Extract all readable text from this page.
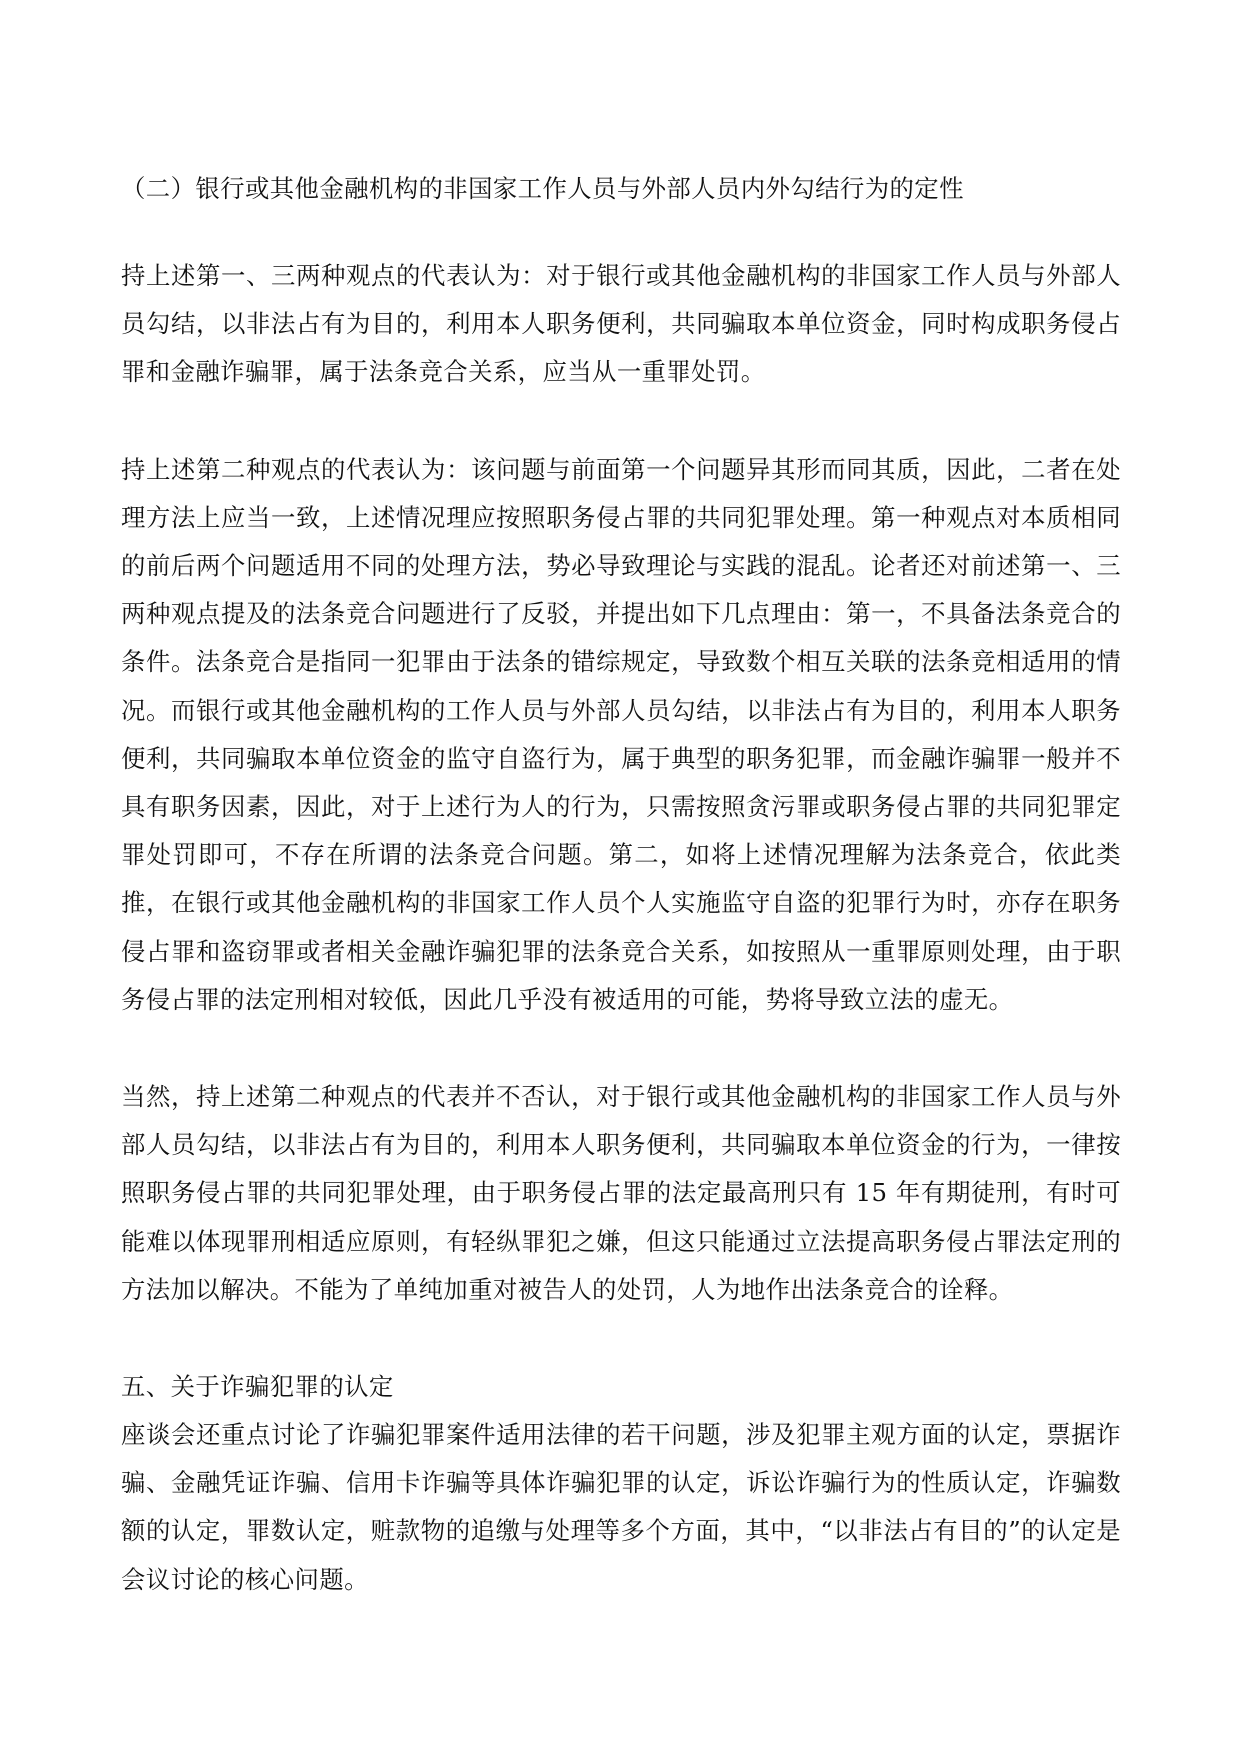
（二）银行或其他金融机构的非国家工作人员与外部人员内外勾结行为的定性

持上述第一、三两种观点的代表认为：对于银行或其他金融机构的非国家工作人员与外部人员勾结，以非法占有为目的，利用本人职务便利，共同骗取本单位资金，同时构成职务侵占罪和金融诈骗罪，属于法条竞合关系，应当从一重罪处罚。

持上述第二种观点的代表认为：该问题与前面第一个问题异其形而同其质，因此，二者在处理方法上应当一致，上述情况理应按照职务侵占罪的共同犯罪处理。第一种观点对本质相同的前后两个问题适用不同的处理方法，势必导致理论与实践的混乱。论者还对前述第一、三两种观点提及的法条竞合问题进行了反驳，并提出如下几点理由：第一，不具备法条竞合的条件。法条竞合是指同一犯罪由于法条的错综规定，导致数个相互关联的法条竞相适用的情况。而银行或其他金融机构的工作人员与外部人员勾结，以非法占有为目的，利用本人职务便利，共同骗取本单位资金的监守自盗行为，属于典型的职务犯罪，而金融诈骗罪一般并不具有职务因素，因此，对于上述行为人的行为，只需按照贪污罪或职务侵占罪的共同犯罪定罪处罚即可，不存在所谓的法条竞合问题。第二，如将上述情况理解为法条竞合，依此类推，在银行或其他金融机构的非国家工作人员个人实施监守自盗的犯罪行为时，亦存在职务侵占罪和盗窃罪或者相关金融诈骗犯罪的法条竞合关系，如按照从一重罪原则处理，由于职务侵占罪的法定刑相对较低，因此几乎没有被适用的可能，势将导致立法的虚无。

当然，持上述第二种观点的代表并不否认，对于银行或其他金融机构的非国家工作人员与外部人员勾结，以非法占有为目的，利用本人职务便利，共同骗取本单位资金的行为，一律按照职务侵占罪的共同犯罪处理，由于职务侵占罪的法定最高刑只有 15 年有期徒刑，有时可能难以体现罪刑相适应原则，有轻纵罪犯之嫌，但这只能通过立法提高职务侵占罪法定刑的方法加以解决。不能为了单纯加重对被告人的处罚，人为地作出法条竞合的诠释。

五、关于诈骗犯罪的认定

座谈会还重点讨论了诈骗犯罪案件适用法律的若干问题，涉及犯罪主观方面的认定，票据诈骗、金融凭证诈骗、信用卡诈骗等具体诈骗犯罪的认定，诉讼诈骗行为的性质认定，诈骗数额的认定，罪数认定，赃款物的追缴与处理等多个方面，其中，“以非法占有目的”的认定是会议讨论的核心问题。
